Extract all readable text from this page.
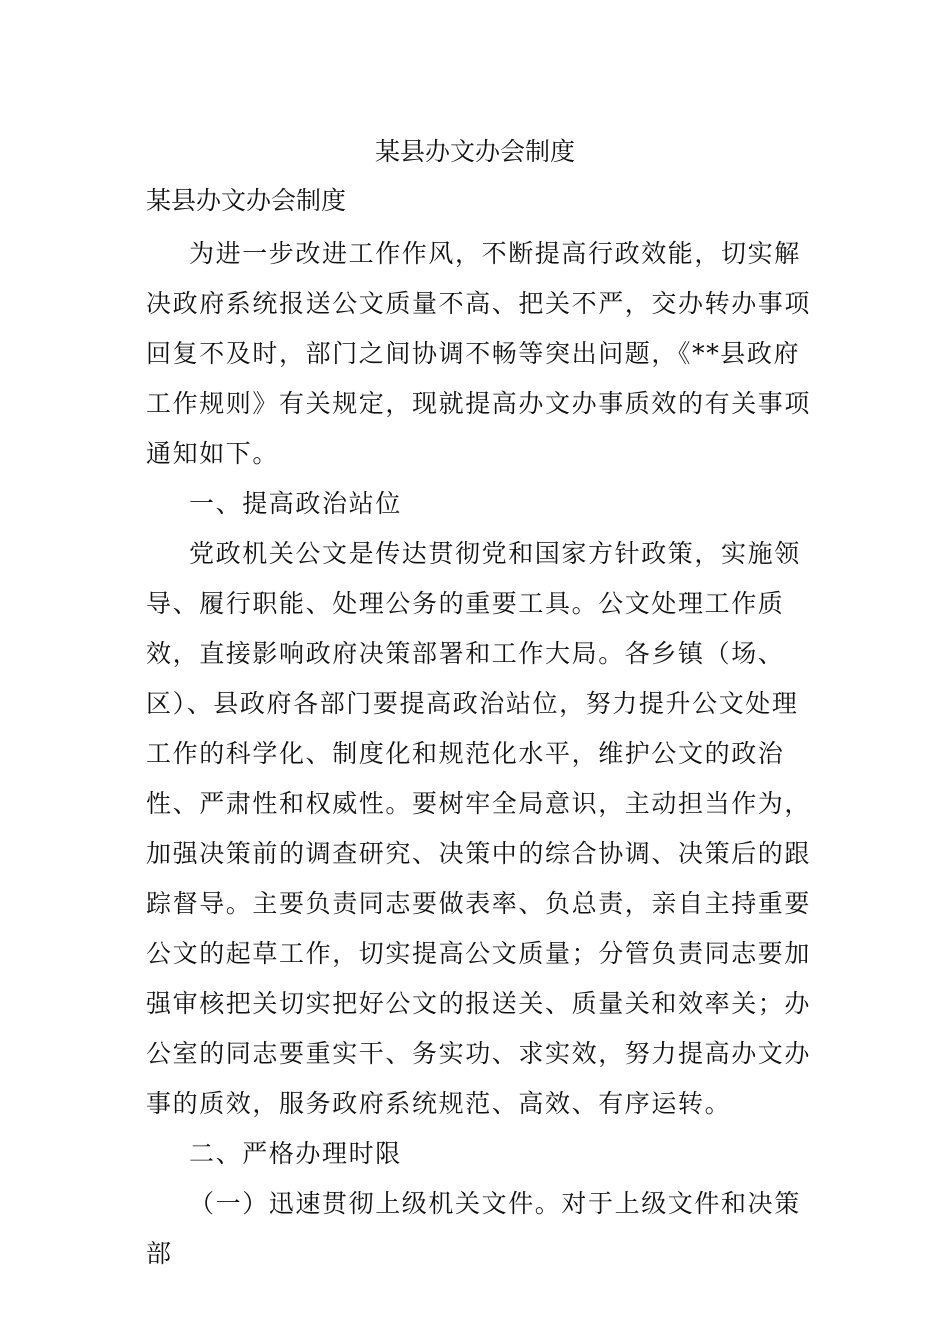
某县办文办会制度

某县办文办会制度

为进一步改进工作作风，不断提高行政效能，切实解决政府系统报送公文质量不高、把关不严，交办转办事项回复不及时，部门之间协调不畅等突出问题，《**县政府工作规则》有关规定，现就提高办文办事质效的有关事项通知如下。

一、提高政治站位

党政机关公文是传达贯彻党和国家方针政策，实施领导、履行职能、处理公务的重要工具。公文处理工作质效，直接影响政府决策部署和工作大局。各乡镇（场、区）、县政府各部门要提高政治站位，努力提升公文处理工作的科学化、制度化和规范化水平，维护公文的政治性、严肃性和权威性。要树牢全局意识，主动担当作为，加强决策前的调查研究、决策中的综合协调、决策后的跟踪督导。主要负责同志要做表率、负总责，亲自主持重要公文的起草工作，切实提高公文质量；分管负责同志要加强审核把关切实把好公文的报送关、质量关和效率关；办公室的同志要重实干、务实功、求实效，努力提高办文办事的质效，服务政府系统规范、高效、有序运转。

二、严格办理时限

（一）迅速贯彻上级机关文件。对于上级文件和决策部
